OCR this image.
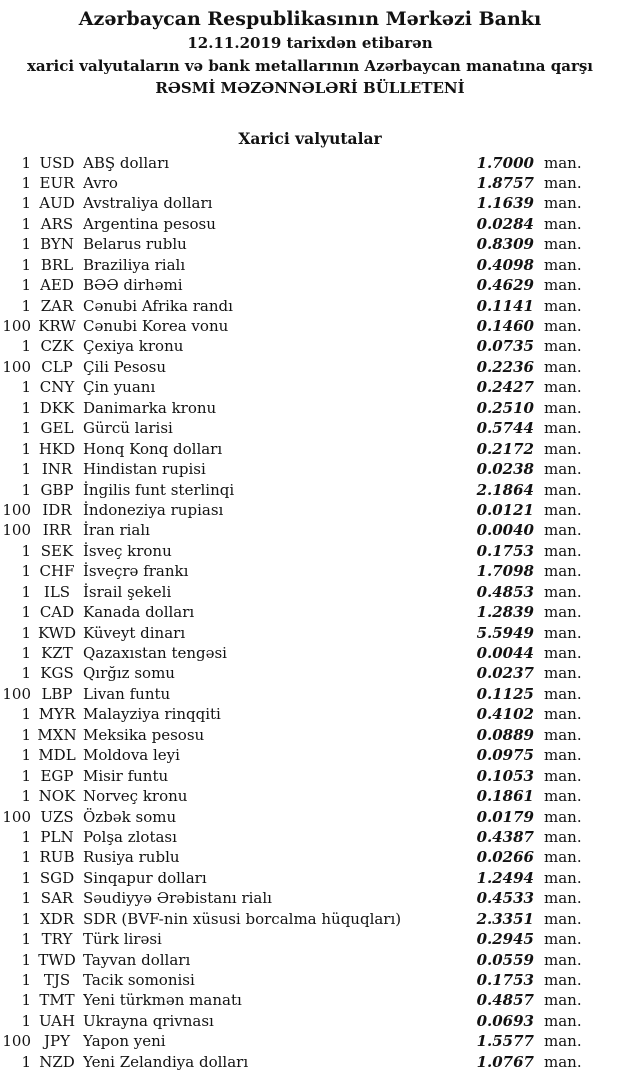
Azərbaycan Respublikasının Mərkəzi Bankı
12.11.2019 tarixdən etibarən
xarici valyutaların və bank metallarının Azərbaycan manatına qarşı
RƏSMİ MƏZƏNNƏLƏRİ BÜLLETENİ
Xarici valyutalar
1 USD ABŞ dolları	1.7000 man.
1 EUR Avro	1.8757 man.
1 AUD Avstraliya dolları	1.1639 man.
1 ARS Argentina pesosu	0.0284 man.
1 BYN Belarus rublu	0.8309 man.
1 BRL Braziliya rialı	0.4098 man.
1 AED BƏƏ dirhəmi	0.4629 man.
1 ZAR Cənubi Afrika randı	0.1141 man.
100 KRW Cənubi Korea vonu	0.1460 man.
1 CZK Çexiya kronu	0.0735 man.
100 CLP Çili Pesosu	0.2236 man.
1 CNY Çin yuanı	0.2427 man.
1 DKK Danimarka kronu	0.2510 man.
1 GEL Gürcü larisi	0.5744 man.
1 HKD Honq Konq dolları	0.2172 man.
1 INR Hindistan rupisi	0.0238 man.
1 GBP İngilis funt sterlinqi	2.1864 man.
100 IDR İndoneziya rupiası	0.0121 man.
100 IRR İran rialı	0.0040 man.
1 SEK İsveç kronu	0.1753 man.
1 CHF İsveçrə frankı	1.7098 man.
1 ILS İsrail şekeli	0.4853 man.
1 CAD Kanada dolları	1.2839 man.
1 KWD Küveyt dinarı	5.5949 man.
1 KZT Qazaxıstan tengəsi	0.0044 man.
1 KGS Qırğız somu	0.0237 man.
100 LBP Livan funtu	0.1125 man.
1 MYR Malayziya rinqqiti	0.4102 man.
1 MXN Meksika pesosu	0.0889 man.
1 MDL Moldova leyi	0.0975 man.
1 EGP Misir funtu	0.1053 man.
1 NOK Norveç kronu	0.1861 man.
100 UZS Özbək somu	0.0179 man.
1 PLN Polşa zlotası	0.4387 man.
1 RUB Rusiya rublu	0.0266 man.
1 SGD Sinqapur dolları	1.2494 man.
1 SAR Səudiyyə Ərəbistanı rialı	0.4533 man.
1 XDR SDR (BVF-nin xüsusi borcalma hüquqları)	2.3351 man.
1 TRY Türk lirəsi	0.2945 man.
1 TWD Tayvan dolları	0.0559 man.
1 TJS Tacik somonisi	0.1753 man.
1 TMT Yeni türkmən manatı	0.4857 man.
1 UAH Ukrayna qrivnası	0.0693 man.
100 JPY Yapon yeni	1.5577 man.
1 NZD Yeni Zelandiya dolları	1.0767 man.
